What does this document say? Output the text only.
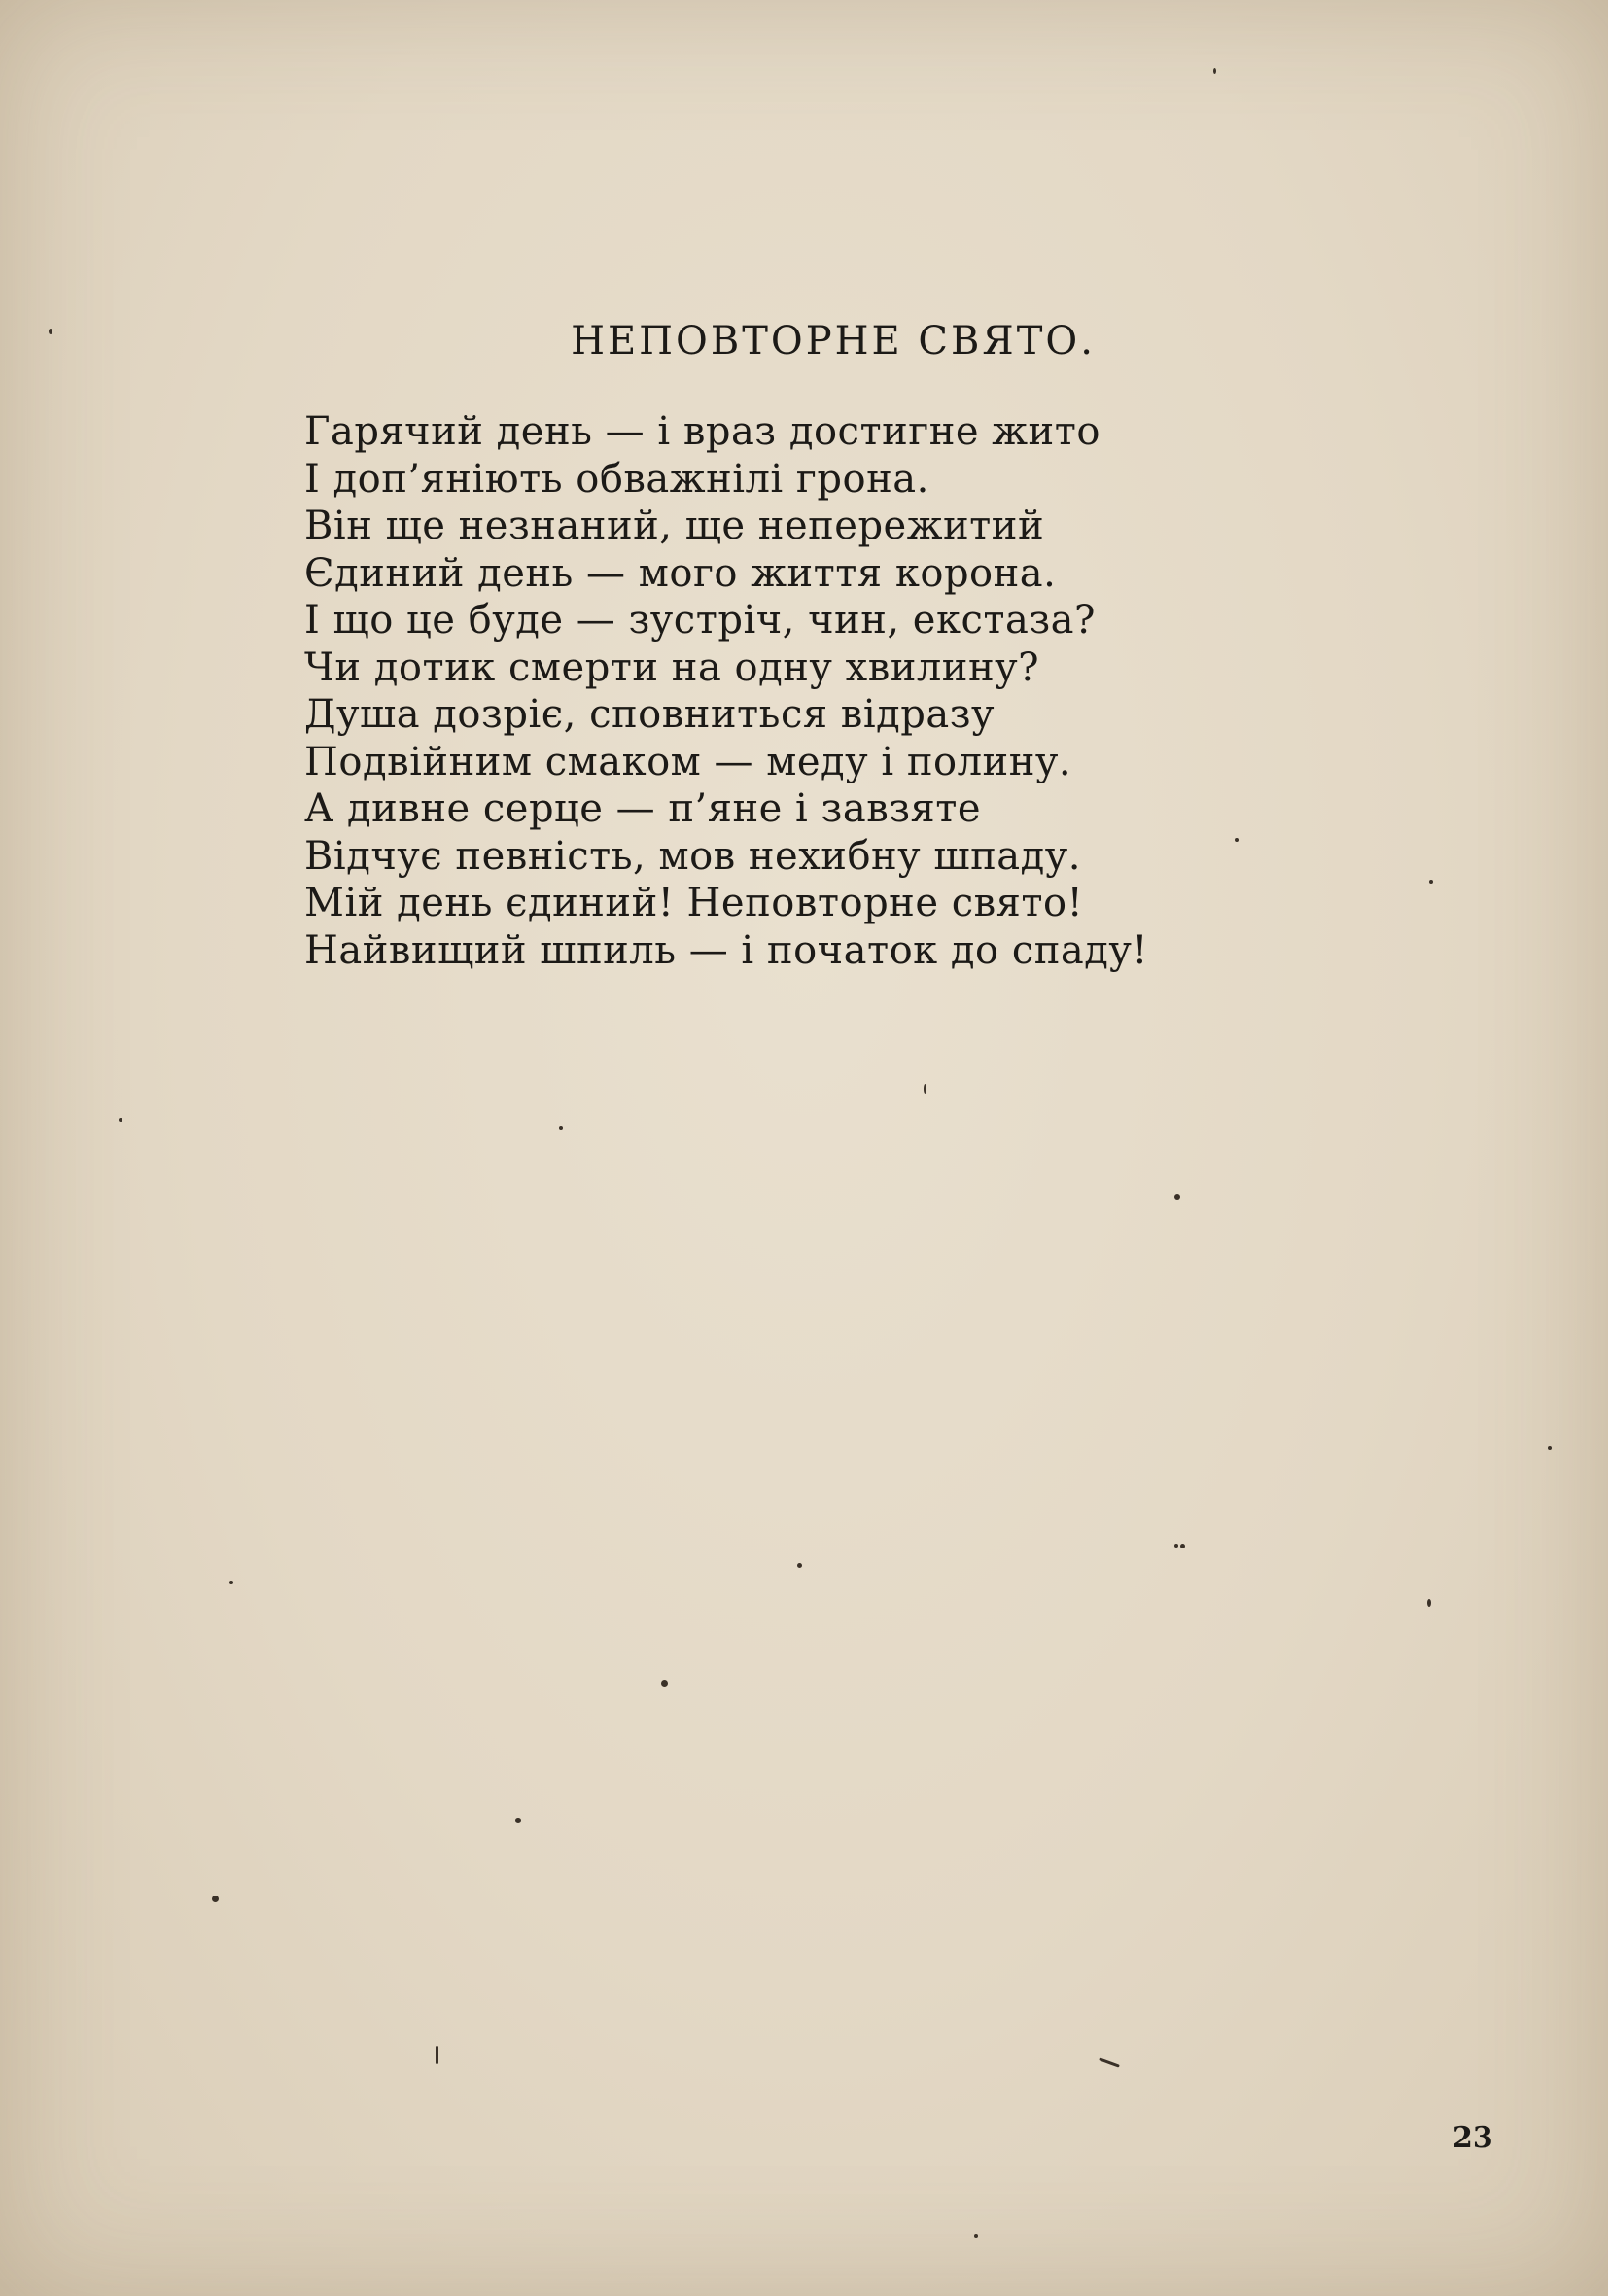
НЕПОВТОРНЕ СВЯТО.
Гарячий день — і враз достигне жито
І доп’янiють обважнiлi грона.
Він ще незнаний, ще непережитий
Єдиний день — мого життя корона.
І що це буде — зустріч, чин, екстаза?
Чи дотик смерти на одну хвилину?
Душа дозріє, сповниться відразу
Подвійним смаком — меду і полину.
А дивне серце — п’яне і завзяте
Відчує певність, мов нехибну шпаду.
Мій день єдиний! Неповторне свято!
Найвищий шпиль — і початок до спаду!
23
